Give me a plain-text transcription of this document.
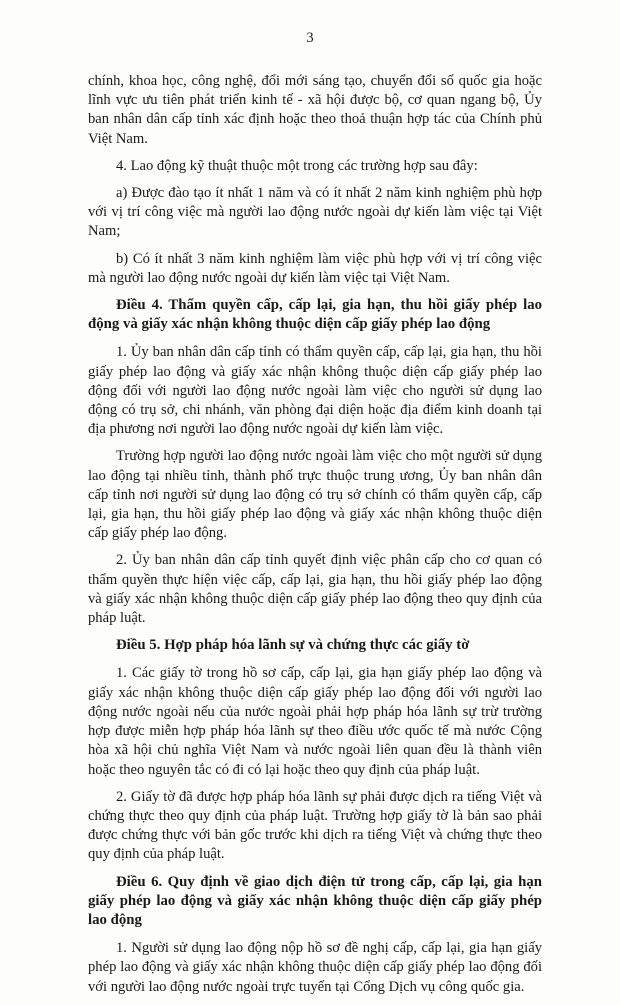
3

chính, khoa học, công nghệ, đổi mới sáng tạo, chuyển đổi số quốc gia hoặc lĩnh vực ưu tiên phát triển kinh tế - xã hội được bộ, cơ quan ngang bộ, Ủy ban nhân dân cấp tỉnh xác định hoặc theo thoả thuận hợp tác của Chính phủ Việt Nam.

4. Lao động kỹ thuật thuộc một trong các trường hợp sau đây:

a) Được đào tạo ít nhất 1 năm và có ít nhất 2 năm kinh nghiệm phù hợp với vị trí công việc mà người lao động nước ngoài dự kiến làm việc tại Việt Nam;

b) Có ít nhất 3 năm kinh nghiệm làm việc phù hợp với vị trí công việc mà người lao động nước ngoài dự kiến làm việc tại Việt Nam.

Điều 4. Thẩm quyền cấp, cấp lại, gia hạn, thu hồi giấy phép lao động và giấy xác nhận không thuộc diện cấp giấy phép lao động

1. Ủy ban nhân dân cấp tỉnh có thẩm quyền cấp, cấp lại, gia hạn, thu hồi giấy phép lao động và giấy xác nhận không thuộc diện cấp giấy phép lao động đối với người lao động nước ngoài làm việc cho người sử dụng lao động có trụ sở, chi nhánh, văn phòng đại diện hoặc địa điểm kinh doanh tại địa phương nơi người lao động nước ngoài dự kiến làm việc.

Trường hợp người lao động nước ngoài làm việc cho một người sử dụng lao động tại nhiều tỉnh, thành phố trực thuộc trung ương, Ủy ban nhân dân cấp tỉnh nơi người sử dụng lao động có trụ sở chính có thẩm quyền cấp, cấp lại, gia hạn, thu hồi giấy phép lao động và giấy xác nhận không thuộc diện cấp giấy phép lao động.

2. Ủy ban nhân dân cấp tỉnh quyết định việc phân cấp cho cơ quan có thẩm quyền thực hiện việc cấp, cấp lại, gia hạn, thu hồi giấy phép lao động và giấy xác nhận không thuộc diện cấp giấy phép lao động theo quy định của pháp luật.

Điều 5. Hợp pháp hóa lãnh sự và chứng thực các giấy tờ

1. Các giấy tờ trong hồ sơ cấp, cấp lại, gia hạn giấy phép lao động và giấy xác nhận không thuộc diện cấp giấy phép lao động đối với người lao động nước ngoài nếu của nước ngoài phải hợp pháp hóa lãnh sự trừ trường hợp được miễn hợp pháp hóa lãnh sự theo điều ước quốc tế mà nước Cộng hòa xã hội chủ nghĩa Việt Nam và nước ngoài liên quan đều là thành viên hoặc theo nguyên tắc có đi có lại hoặc theo quy định của pháp luật.

2. Giấy tờ đã được hợp pháp hóa lãnh sự phải được dịch ra tiếng Việt và chứng thực theo quy định của pháp luật. Trường hợp giấy tờ là bản sao phải được chứng thực với bản gốc trước khi dịch ra tiếng Việt và chứng thực theo quy định của pháp luật.

Điều 6. Quy định về giao dịch điện tử trong cấp, cấp lại, gia hạn giấy phép lao động và giấy xác nhận không thuộc diện cấp giấy phép lao động

1. Người sử dụng lao động nộp hồ sơ đề nghị cấp, cấp lại, gia hạn giấy phép lao động và giấy xác nhận không thuộc diện cấp giấy phép lao động đối với người lao động nước ngoài trực tuyến tại Cổng Dịch vụ công quốc gia.
